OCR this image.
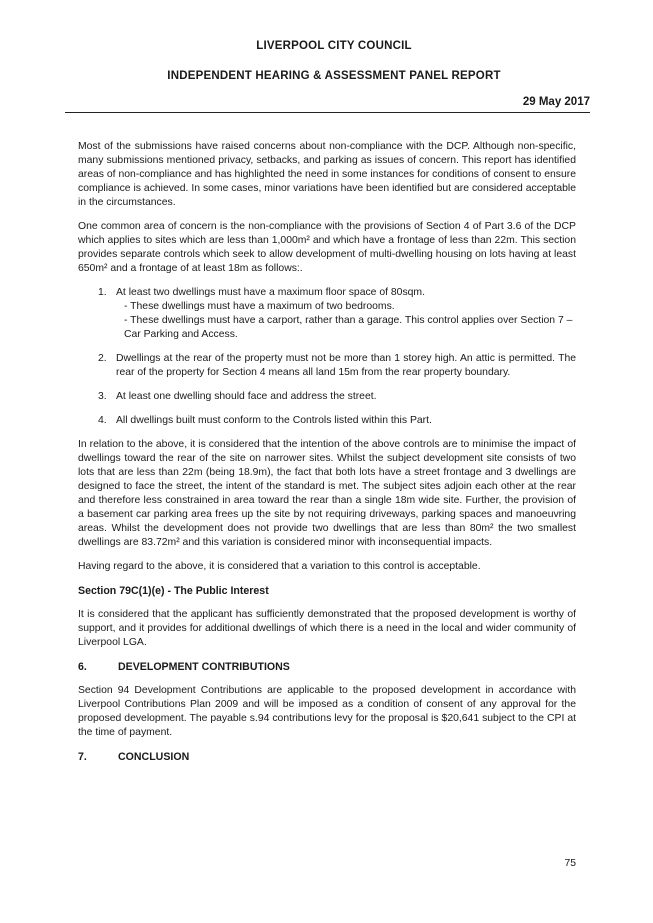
LIVERPOOL CITY COUNCIL
INDEPENDENT HEARING & ASSESSMENT PANEL REPORT
29 May 2017

Most of the submissions have raised concerns about non-compliance with the DCP. Although non-specific, many submissions mentioned privacy, setbacks, and parking as issues of concern. This report has identified areas of non-compliance and has highlighted the need in some instances for conditions of consent to ensure compliance is achieved. In some cases, minor variations have been identified but are considered acceptable in the circumstances.

One common area of concern is the non-compliance with the provisions of Section 4 of Part 3.6 of the DCP which applies to sites which are less than 1,000m² and which have a frontage of less than 22m. This section provides separate controls which seek to allow development of multi-dwelling housing on lots having at least 650m² and a frontage of at least 18m as follows:.

1. At least two dwellings must have a maximum floor space of 80sqm.
- These dwellings must have a maximum of two bedrooms.
- These dwellings must have a carport, rather than a garage. This control applies over Section 7 – Car Parking and Access.
2. Dwellings at the rear of the property must not be more than 1 storey high. An attic is permitted. The rear of the property for Section 4 means all land 15m from the rear property boundary.
3. At least one dwelling should face and address the street.
4. All dwellings built must conform to the Controls listed within this Part.

In relation to the above, it is considered that the intention of the above controls are to minimise the impact of dwellings toward the rear of the site on narrower sites. Whilst the subject development site consists of two lots that are less than 22m (being 18.9m), the fact that both lots have a street frontage and 3 dwellings are designed to face the street, the intent of the standard is met. The subject sites adjoin each other at the rear and therefore less constrained in area toward the rear than a single 18m wide site. Further, the provision of a basement car parking area frees up the site by not requiring driveways, parking spaces and manoeuvring areas. Whilst the development does not provide two dwellings that are less than 80m² the two smallest dwellings are 83.72m² and this variation is considered minor with inconsequential impacts.

Having regard to the above, it is considered that a variation to this control is acceptable.

Section 79C(1)(e) - The Public Interest

It is considered that the applicant has sufficiently demonstrated that the proposed development is worthy of support, and it provides for additional dwellings of which there is a need in the local and wider community of Liverpool LGA.

6.	DEVELOPMENT CONTRIBUTIONS

Section 94 Development Contributions are applicable to the proposed development in accordance with Liverpool Contributions Plan 2009 and will be imposed as a condition of consent of any approval for the proposed development. The payable s.94 contributions levy for the proposal is $20,641 subject to the CPI at the time of payment.

7.	CONCLUSION
75
